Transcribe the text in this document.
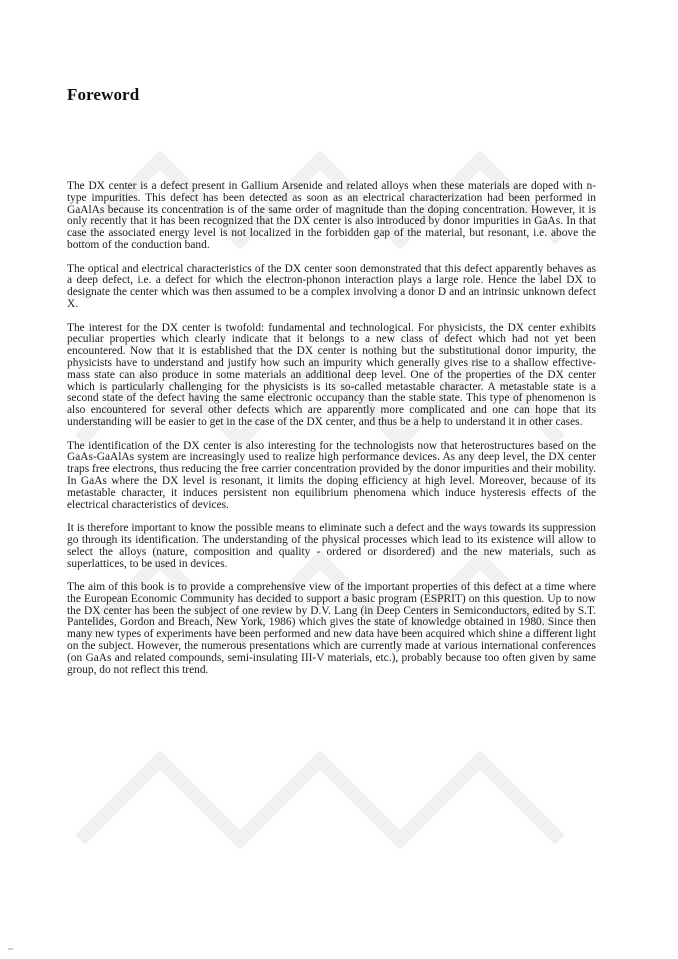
Foreword

The DX center is a defect present in Gallium Arsenide and related alloys when these materials are doped with n-type impurities. This defect has been detected as soon as an electrical characterization had been performed in GaAlAs because its concentration is of the same order of magnitude than the doping concentration. However, it is only recently that it has been recognized that the DX center is also introduced by donor impurities in GaAs. In that case the associated energy level is not localized in the forbidden gap of the material, but resonant, i.e. above the bottom of the conduction band.

The optical and electrical characteristics of the DX center soon demonstrated that this defect apparently behaves as a deep defect, i.e. a defect for which the electron-phonon interaction plays a large role. Hence the label DX to designate the center which was then assumed to be a complex involving a donor D and an intrinsic unknown defect X.

The interest for the DX center is twofold: fundamental and technological. For physicists, the DX center exhibits peculiar properties which clearly indicate that it belongs to a new class of defect which had not yet been encountered. Now that it is established that the DX center is nothing but the substitutional donor impurity, the physicists have to understand and justify how such an impurity which generally gives rise to a shallow effective-mass state can also produce in some materials an additional deep level. One of the properties of the DX center which is particularly challenging for the physicists is its so-called metastable character. A metastable state is a second state of the defect having the same electronic occupancy than the stable state. This type of phenomenon is also encountered for several other defects which are apparently more complicated and one can hope that its understanding will be easier to get in the case of the DX center, and thus be a help to understand it in other cases.

The identification of the DX center is also interesting for the technologists now that heterostructures based on the GaAs-GaAlAs system are increasingly used to realize high performance devices. As any deep level, the DX center traps free electrons, thus reducing the free carrier concentration provided by the donor impurities and their mobility. In GaAs where the DX level is resonant, it limits the doping efficiency at high level. Moreover, because of its metastable character, it induces persistent non equilibrium phenomena which induce hysteresis effects of the electrical characteristics of devices.

It is therefore important to know the possible means to eliminate such a defect and the ways towards its suppression go through its identification. The understanding of the physical processes which lead to its existence will allow to select the alloys (nature, composition and quality - ordered or disordered) and the new materials, such as superlattices, to be used in devices.

The aim of this book is to provide a comprehensive view of the important properties of this defect at a time where the European Economic Community has decided to support a basic program (ESPRIT) on this question. Up to now the DX center has been the subject of one review by D.V. Lang (in Deep Centers in Semiconductors, edited by S.T. Pantelides, Gordon and Breach, New York, 1986) which gives the state of knowledge obtained in 1980. Since then many new types of experiments have been performed and new data have been acquired which shine a different light on the subject. However, the numerous presentations which are currently made at various international conferences (on GaAs and related compounds, semi-insulating III-V materials, etc.), probably because too often given by same group, do not reflect this trend.
